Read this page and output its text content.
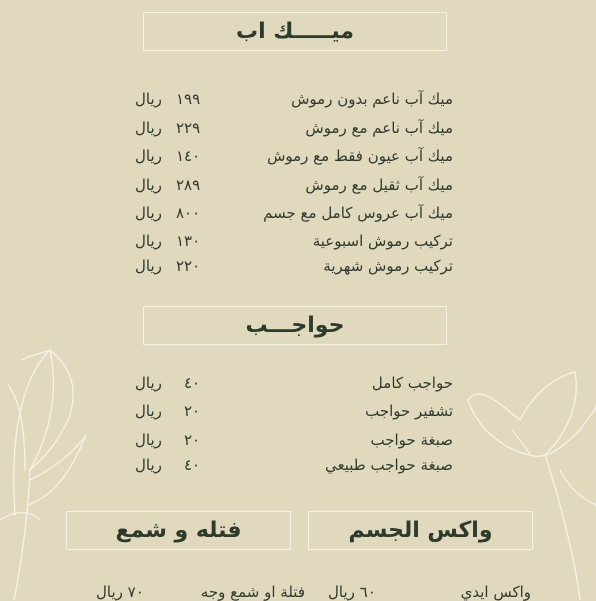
ميـــــك اب
ميك آب ناعم بدون رموش
١٩٩
ريال
ميك آب ناعم مع رموش
٢٢٩
ريال
ميك آب عيون فقط مع رموش
١٤٠
ريال
ميك آب ثقيل مع رموش
٢٨٩
ريال
ميك آب عروس كامل مع جسم
٨٠٠
ريال
تركيب رموش اسبوعية
١٣٠
ريال
تركيب رموش شهرية
٢٢٠
ريال
حواجـــب
حواجب كامل
٤٠
ريال
تشفير حواجب
٢٠
ريال
صبغة حواجب
٢٠
ريال
صبغة حواجب طبيعي
٤٠
ريال
فتله و شمع	واكس الجسم
واكس ايدي
٦٠ ريال
فتلة او شمع وجه
٧٠ ريال
